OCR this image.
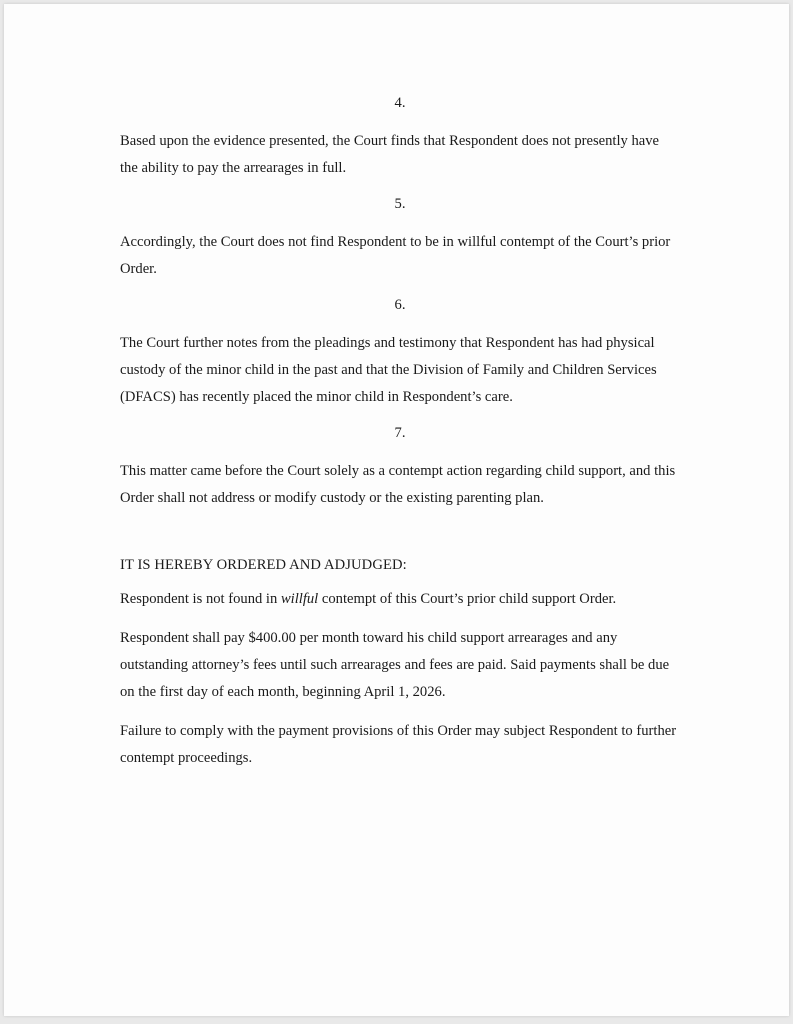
4.

Based upon the evidence presented, the Court finds that Respondent does not presently have the ability to pay the arrearages in full.

5.

Accordingly, the Court does not find Respondent to be in willful contempt of the Court’s prior Order.

6.

The Court further notes from the pleadings and testimony that Respondent has had physical custody of the minor child in the past and that the Division of Family and Children Services (DFACS) has recently placed the minor child in Respondent’s care.

7.

This matter came before the Court solely as a contempt action regarding child support, and this Order shall not address or modify custody or the existing parenting plan.

IT IS HEREBY ORDERED AND ADJUDGED:

Respondent is not found in willful contempt of this Court’s prior child support Order.

Respondent shall pay $400.00 per month toward his child support arrearages and any outstanding attorney’s fees until such arrearages and fees are paid. Said payments shall be due on the first day of each month, beginning April 1, 2026.

Failure to comply with the payment provisions of this Order may subject Respondent to further contempt proceedings.
